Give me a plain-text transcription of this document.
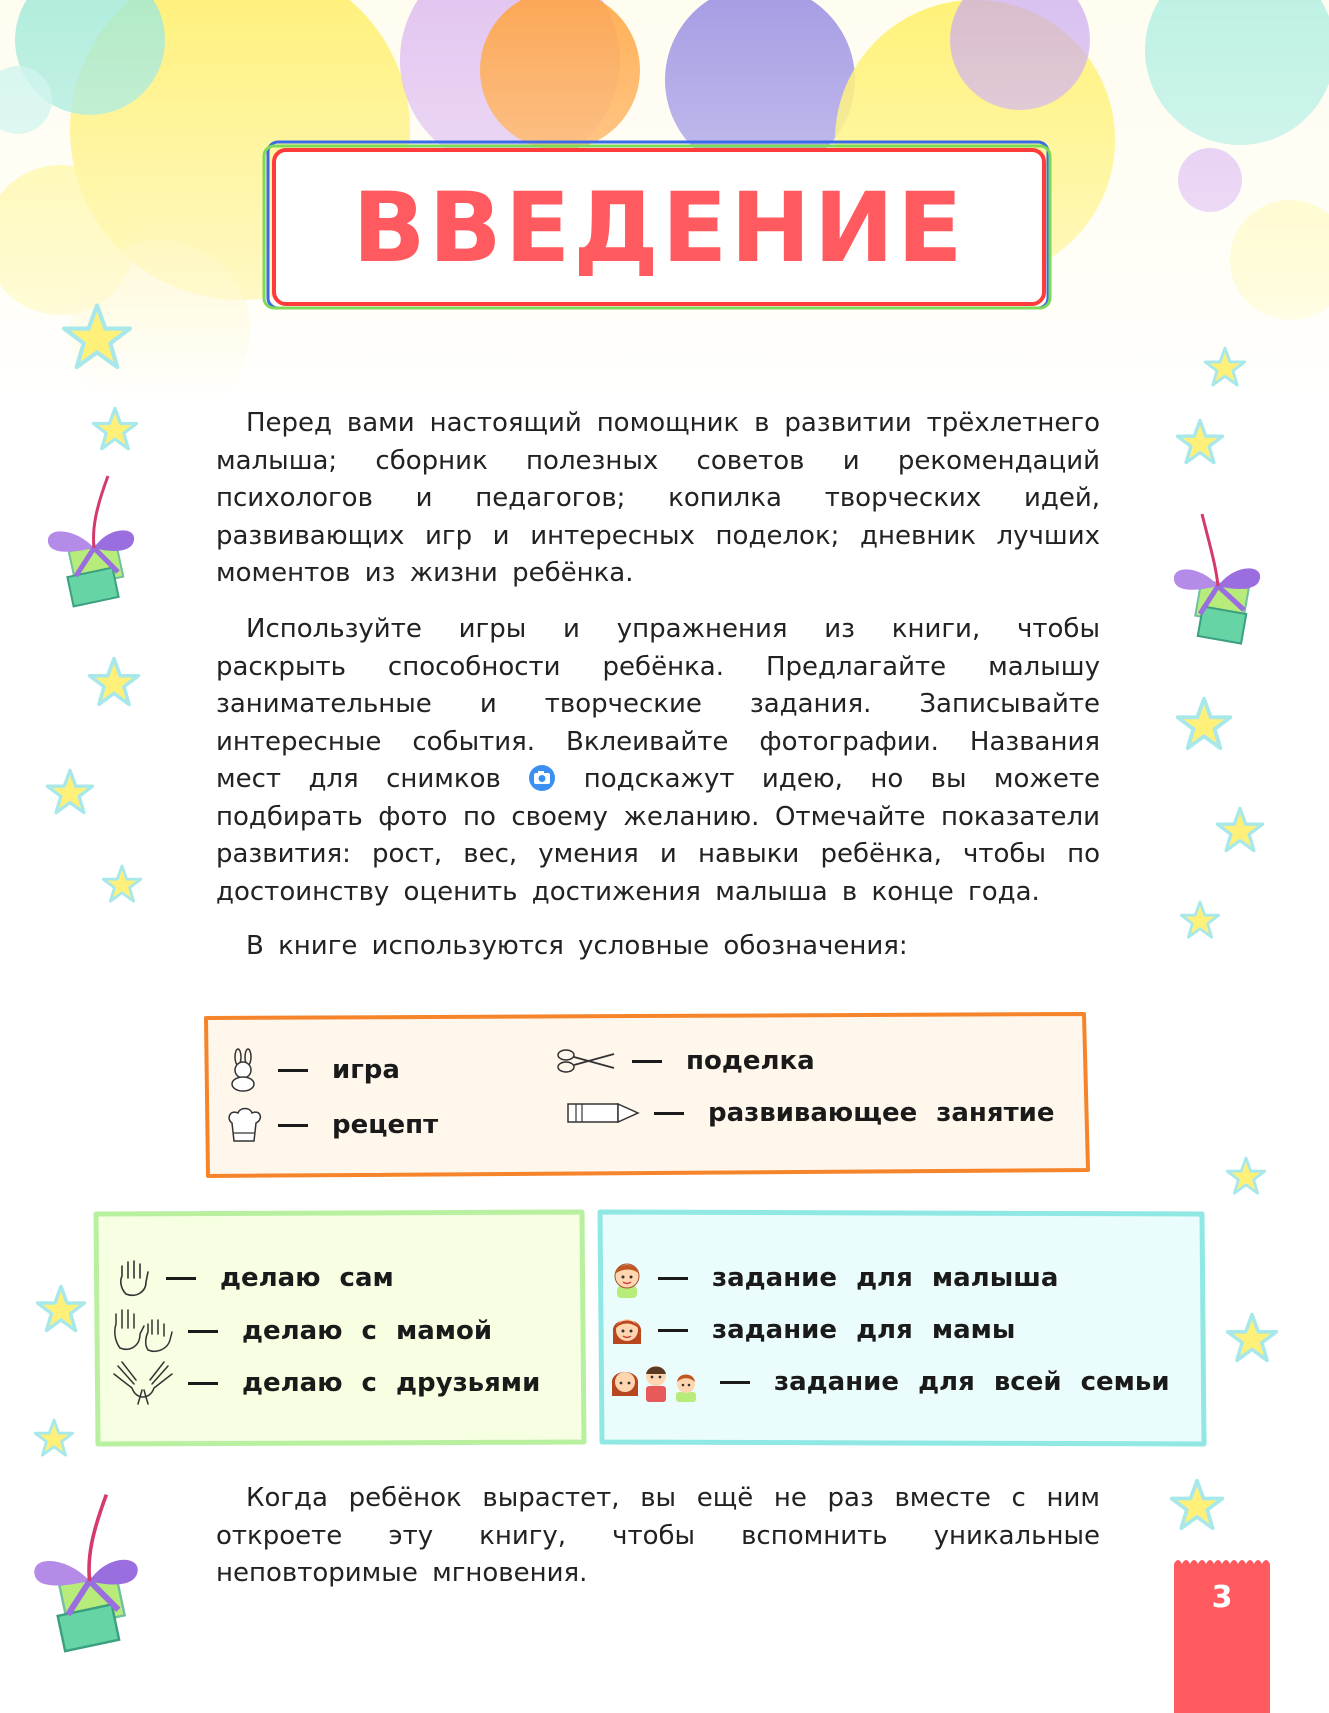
ВВЕДЕНИЕ

Перед вами настоящий помощник в развитии трёхлетнего малыша; сборник полезных советов и рекомендаций психологов и педагогов; копилка творческих идей, развивающих игр и интересных поделок; дневник лучших моментов из жизни ребёнка.

Используйте игры и упражнения из книги, чтобы раскрыть способности ребёнка. Предлагайте малышу занимательные и творческие задания. Записывайте интересные события. Вклеивайте фотографии. Названия мест для снимков	подскажут идею, но вы можете подбирать фото по своему желанию. Отмечайте показатели развития: рост, вес, умения и навыки ребёнка, чтобы по достоинству оценить достижения малыша в конце года.

В книге используются условные обозначения:

Когда ребёнок вырастет, вы ещё не раз вместе с ним откроете эту книгу, чтобы вспомнить уникальные неповторимые мгновения.

игра
рецепт
поделка
развивающее занятие
делаю сам
делаю с мамой
делаю с друзьями
задание для малыша
задание для мамы
задание для всей семьи
3
